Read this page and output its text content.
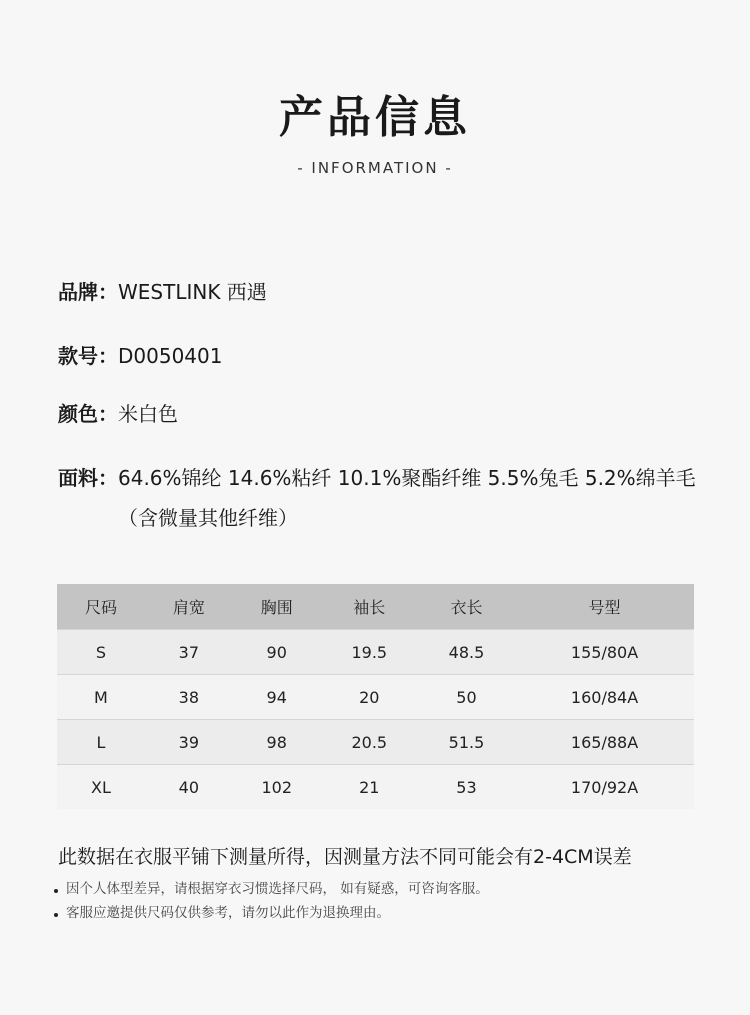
产品信息
- INFORMATION -
品牌： WESTLINK 西遇
款号： D0050401
颜色： 米白色
面料： 64.6%锦纶 14.6%粘纤 10.1%聚酯纤维 5.5%兔毛 5.2%绵羊毛（含微量其他纤维）
尺码	肩宽	胸围	袖长	衣长	号型
S	37	90	19.5	48.5	155/80A
M	38	94	20	50	160/84A
L	39	98	20.5	51.5	165/88A
XL	40	102	21	53	170/92A
此数据在衣服平铺下测量所得，因测量方法不同可能会有2-4CM误差
因个人体型差异，请根据穿衣习惯选择尺码， 如有疑惑，可咨询客服。
客服应邀提供尺码仅供参考，请勿以此作为退换理由。
